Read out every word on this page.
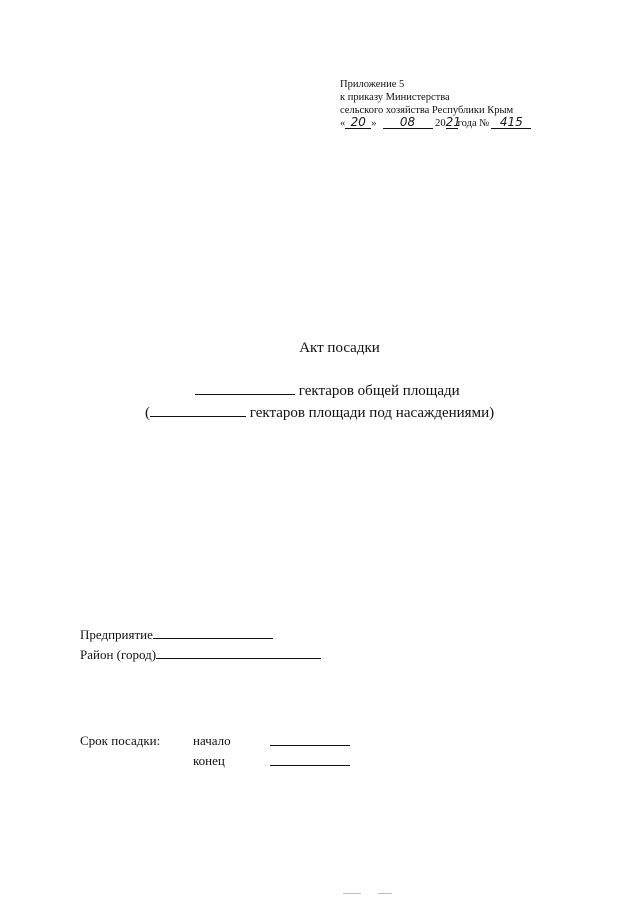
Приложение 5
к приказу Министерства
сельского хозяйства Республики Крым
« 20 » 08 2021года № 415
Акт посадки
гектаров общей площади
(	гектаров площади под насаждениями)
Предприятие
Район (город)
Срок посадки:	начало
конец
